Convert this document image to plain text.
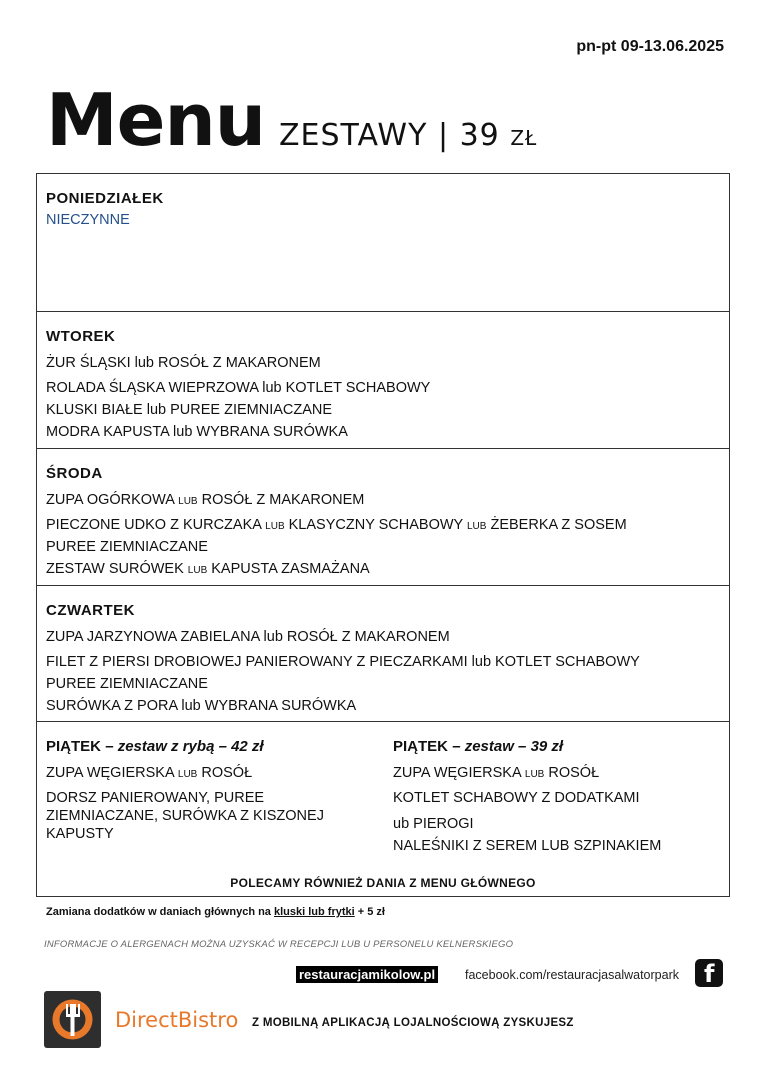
pn-pt 09-13.06.2025
Menu ZESTAWY | 39 ZŁ
PONIEDZIAŁEK
NIECZYNNE
WTOREK
ŻUR ŚLĄSKI lub ROSÓŁ Z MAKARONEM
ROLADA ŚLĄSKA WIEPRZOWA lub KOTLET SCHABOWY
KLUSKI BIAŁE lub PUREE ZIEMNIACZANE
MODRA KAPUSTA lub WYBRANA SURÓWKA
ŚRODA
ZUPA OGÓRKOWA LUB ROSÓŁ Z MAKARONEM
PIECZONE UDKO Z KURCZAKA LUB KLASYCZNY SCHABOWY LUB ŻEBERKA Z SOSEM
PUREE ZIEMNIACZANE
ZESTAW SURÓWEK LUB KAPUSTA ZASMAŻANA
CZWARTEK
ZUPA JARZYNOWA ZABIELANA lub ROSÓŁ Z MAKARONEM
FILET Z PIERSI DROBIOWEJ PANIEROWANY Z PIECZARKAMI lub KOTLET SCHABOWY
PUREE ZIEMNIACZANE
SURÓWKA Z PORA lub WYBRANA SURÓWKA
PIĄTEK – zestaw z rybą – 42 zł
ZUPA WĘGIERSKA LUB ROSÓŁ
DORSZ PANIEROWANY, PUREE
ZIEMNIACZANE, SURÓWKA Z KISZONEJ
KAPUSTY
PIĄTEK – zestaw – 39 zł
ZUPA WĘGIERSKA LUB ROSÓŁ
KOTLET SCHABOWY Z DODATKAMI
ub PIEROGI
NALEŚNIKI Z SEREM LUB SZPINAKIEM
POLECAMY RÓWNIEŻ DANIA Z MENU GŁÓWNEGO
Zamiana dodatków w daniach głównych na kluski lub frytki + 5 zł
INFORMACJE O ALERGENACH MOŻNA UZYSKAĆ W RECEPCJI LUB U PERSONELU KELNERSKIEGO
restauracjamikolow.pl facebook.com/restauracjasalwatorpark f
DirectBistro Z MOBILNĄ APLIKACJĄ LOJALNOŚCIOWĄ ZYSKUJESZ
